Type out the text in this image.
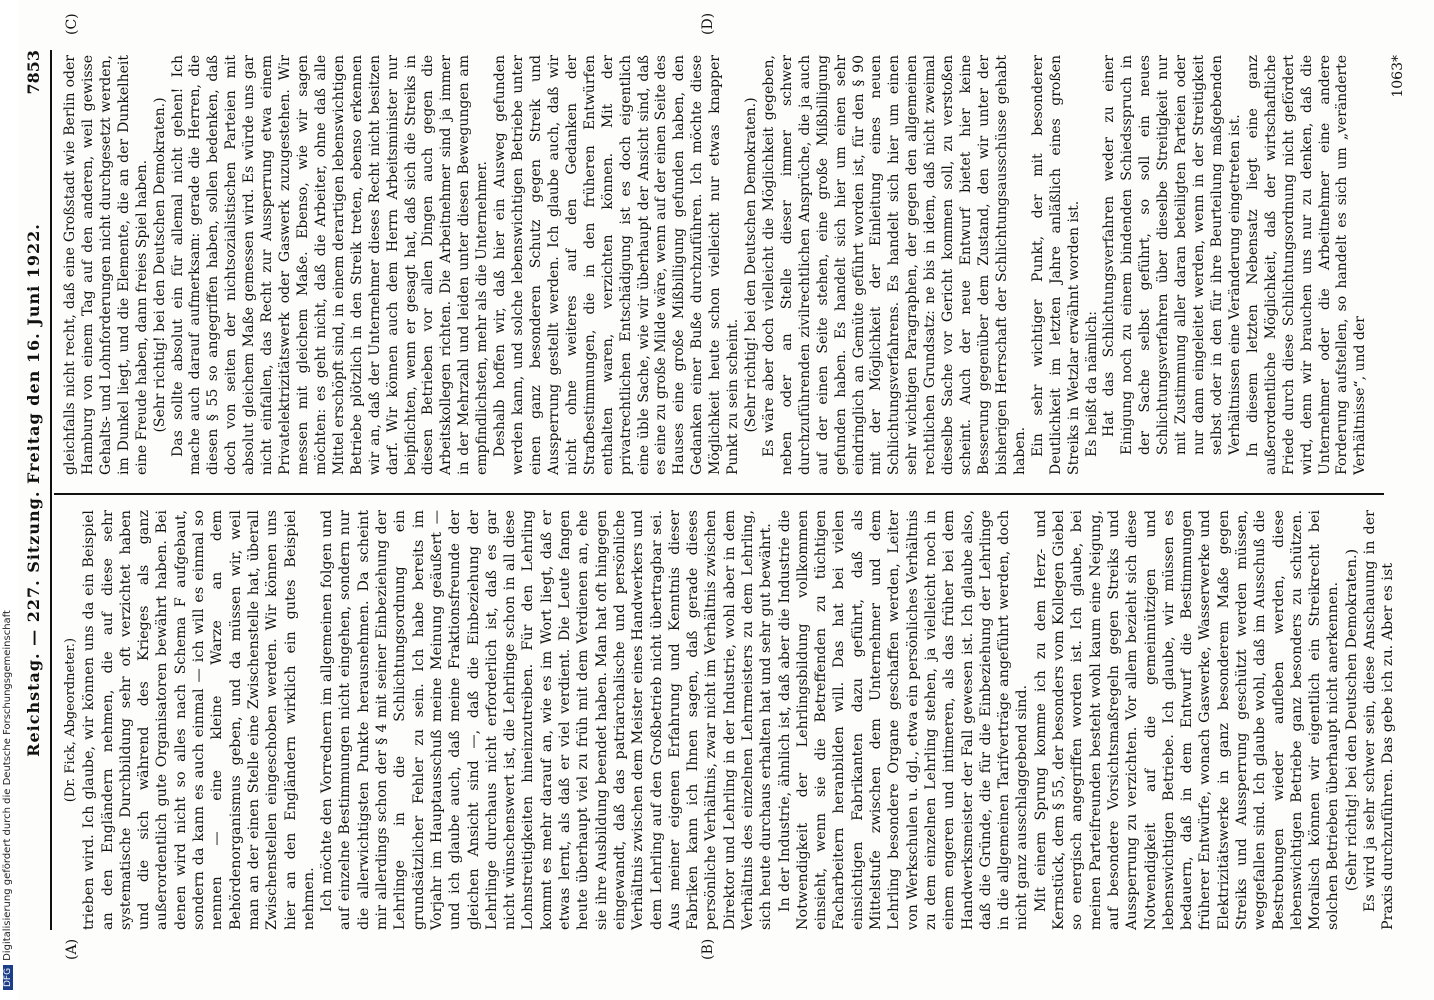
DFGDigitalisierung gefördert durch die Deutsche Forschungsgemeinschaft
Reichstag. — 227. Sitzung. Freitag den 16. Juni 1922.
7853
(A)	(B)
(C)	(D)

(Dr. Fick, Abgeordneter.) trieben wird. Ich glaube, wir können uns da ein Beispiel an den Engländern nehmen, die auf diese sehr systematische Durchbildung sehr oft verzichtet haben und die sich während des Krieges als ganz außerordentlich gute Organisatoren bewährt haben. Bei denen wird nicht so alles nach Schema F aufgebaut, sondern da kann es auch einmal — ich will es einmal so nennen — eine kleine Warze an dem Behördenorganismus geben, und da müssen wir, weil man an der einen Stelle eine Zwischenstelle hat, überall Zwischenstellen eingeschoben werden. Wir können uns hier an den Engländern wirklich ein gutes Beispiel nehmen. Ich möchte den Vorrednern im allgemeinen folgen und auf einzelne Bestimmungen nicht eingehen, sondern nur die allerwichtigsten Punkte herausnehmen. Da scheint mir allerdings schon der § 4 mit seiner Einbeziehung der Lehrlinge in die Schlichtungsordnung ein grundsätzlicher Fehler zu sein. Ich habe bereits im Vorjahr im Hauptausschuß meine Meinung geäußert — und ich glaube auch, daß meine Fraktionsfreunde der gleichen Ansicht sind —, daß die Einbeziehung der Lehrlinge durchaus nicht erforderlich ist, daß es gar nicht wünschenswert ist, die Lehrlinge schon in all diese Lohnstreitigkeiten hineinzutreiben. Für den Lehrling kommt es mehr darauf an, wie es im Wort liegt, daß er etwas lernt, als daß er viel verdient. Die Leute fangen heute überhaupt viel zu früh mit dem Verdienen an, ehe sie ihre Ausbildung beendet haben. Man hat oft hingegen eingewandt, daß das patriarchalische und persönliche Verhältnis zwischen dem Meister eines Handwerkers und dem Lehrling auf den Großbetrieb nicht übertragbar sei. Aus meiner eigenen Erfahrung und Kenntnis dieser Fabriken kann ich Ihnen sagen, daß gerade dieses persönliche Verhältnis, zwar nicht im Verhältnis zwischen Direktor und Lehrling in der Industrie, wohl aber in dem Verhältnis des einzelnen Lehrmeisters zu dem Lehrling, sich heute durchaus erhalten hat und sehr gut bewährt. In der Industrie, ähnlich ist, daß aber die Industrie die Notwendigkeit der Lehrlingsbildung vollkommen einsieht, wenn sie die Betreffenden zu tüchtigen Facharbeitern heranbilden will. Das hat bei vielen einsichtigen Fabrikanten dazu geführt, daß als Mittelstufe zwischen dem Unternehmer und dem Lehrling besondere Organe geschaffen werden, Leiter von Werkschulen u. dgl., etwa ein persönliches Verhältnis zu dem einzelnen Lehrling stehen, ja vielleicht noch in einem engeren und intimeren, als das früher bei dem Handwerksmeister der Fall gewesen ist. Ich glaube also, daß die Gründe, die für die Einbeziehung der Lehrlinge in die allgemeinen Tarifverträge angeführt werden, doch nicht ganz ausschlaggebend sind. Mit einem Sprung komme ich zu dem Herz- und Kernstück, dem § 55, der besonders vom Kollegen Giebel so energisch angegriffen worden ist. Ich glaube, bei meinen Parteifreunden besteht wohl kaum eine Neigung, auf besondere Vorsichtsmaßregeln gegen Streiks und Aussperrung zu verzichten. Vor allem bezieht sich diese Notwendigkeit auf die gemeinnützigen und lebenswichtigen Betriebe. Ich glaube, wir müssen es bedauern, daß in dem Entwurf die Bestimmungen früherer Entwürfe, wonach Gaswerke, Wasserwerke und Elektrizitätswerke in ganz besonderem Maße gegen Streiks und Aussperrung geschützt werden müssen, weggefallen sind. Ich glaube wohl, daß im Ausschuß die Bestrebungen wieder aufleben werden, diese lebenswichtigen Betriebe ganz besonders zu schützen. Moralisch können wir eigentlich ein Streikrecht bei solchen Betrieben überhaupt nicht anerkennen. (Sehr richtig! bei den Deutschen Demokraten.) Es wird ja sehr schwer sein, diese Anschauung in der Praxis durchzuführen. Das gebe ich zu. Aber es ist

gleichfalls nicht recht, daß eine Großstadt wie Berlin oder Hamburg von einem Tag auf den anderen, weil gewisse Gehalts- und Lohnforderungen nicht durchgesetzt werden, im Dunkel liegt, und die Elemente, die an der Dunkelheit eine Freude haben, dann freies Spiel haben. (Sehr richtig! bei den Deutschen Demokraten.) Das sollte absolut ein für allemal nicht gehen! Ich mache auch darauf aufmerksam: gerade die Herren, die diesen § 55 so angegriffen haben, sollen bedenken, daß doch von seiten der nichtsozialistischen Parteien mit absolut gleichem Maße gemessen wird. Es würde uns gar nicht einfallen, das Recht zur Aussperrung etwa einem Privatelektrizitätswerk oder Gaswerk zuzugestehen. Wir messen mit gleichem Maße. Ebenso, wie wir sagen möchten: es geht nicht, daß die Arbeiter, ohne daß alle Mittel erschöpft sind, in einem derartigen lebenswichtigen Betriebe plötzlich in den Streik treten, ebenso erkennen wir an, daß der Unternehmer dieses Recht nicht besitzen darf. Wir können auch dem Herrn Arbeitsminister nur beipflichten, wenn er gesagt hat, daß sich die Streiks in diesen Betrieben vor allen Dingen auch gegen die Arbeitskollegen richten. Die Arbeitnehmer sind ja immer in der Mehrzahl und leiden unter diesen Bewegungen am empfindlichsten, mehr als die Unternehmer. Deshalb hoffen wir, daß hier ein Ausweg gefunden werden kann, und solche lebenswichtigen Betriebe unter einen ganz besonderen Schutz gegen Streik und Aussperrung gestellt werden. Ich glaube auch, daß wir nicht ohne weiteres auf den Gedanken der Strafbestimmungen, die in den früheren Entwürfen enthalten waren, verzichten können. Mit der privatrechtlichen Entschädigung ist es doch eigentlich eine üble Sache, wie wir überhaupt der Ansicht sind, daß es eine zu große Milde wäre, wenn auf der einen Seite des Hauses eine große Mißbilligung gefunden haben, den Gedanken einer Buße durchzuführen. Ich möchte diese Möglichkeit heute schon vielleicht nur etwas knapper Punkt zu sein scheint. (Sehr richtig! bei den Deutschen Demokraten.) Es wäre aber doch vielleicht die Möglichkeit gegeben, neben oder an Stelle dieser immer schwer durchzuführenden zivilrechtlichen Ansprüche, die ja auch auf der einen Seite stehen, eine große Mißbilligung gefunden haben. Es handelt sich hier um einen sehr eindringlich an Gemüte geführt worden ist, für den § 90 mit der Möglichkeit der Einleitung eines neuen Schlichtungsverfahrens. Es handelt sich hier um einen sehr wichtigen Paragraphen, der gegen den allgemeinen rechtlichen Grundsatz: ne bis in idem, daß nicht zweimal dieselbe Sache vor Gericht kommen soll, zu verstoßen scheint. Auch der neue Entwurf bietet hier keine Besserung gegenüber dem Zustand, den wir unter der bisherigen Herrschaft der Schlichtungsausschüsse gehabt haben. Ein sehr wichtiger Punkt, der mit besonderer Deutlichkeit im letzten Jahre anläßlich eines großen Streiks in Wetzlar erwähnt worden ist. Es heißt da nämlich: Hat das Schlichtungsverfahren weder zu einer Einigung noch zu einem bindenden Schiedsspruch in der Sache selbst geführt, so soll ein neues Schlichtungsverfahren über dieselbe Streitigkeit nur mit Zustimmung aller daran beteiligten Parteien oder nur dann eingeleitet werden, wenn in der Streitigkeit selbst oder in den für ihre Beurteilung maßgebenden Verhältnissen eine Veränderung eingetreten ist. In diesem letzten Nebensatz liegt eine ganz außerordentliche Möglichkeit, daß der wirtschaftliche Friede durch diese Schlichtungsordnung nicht gefördert wird, denn wir brauchen uns nur zu denken, daß die Unternehmer oder die Arbeitnehmer eine andere Forderung aufstellen, so handelt es sich um „veränderte Verhältnisse“, und der

1063*
